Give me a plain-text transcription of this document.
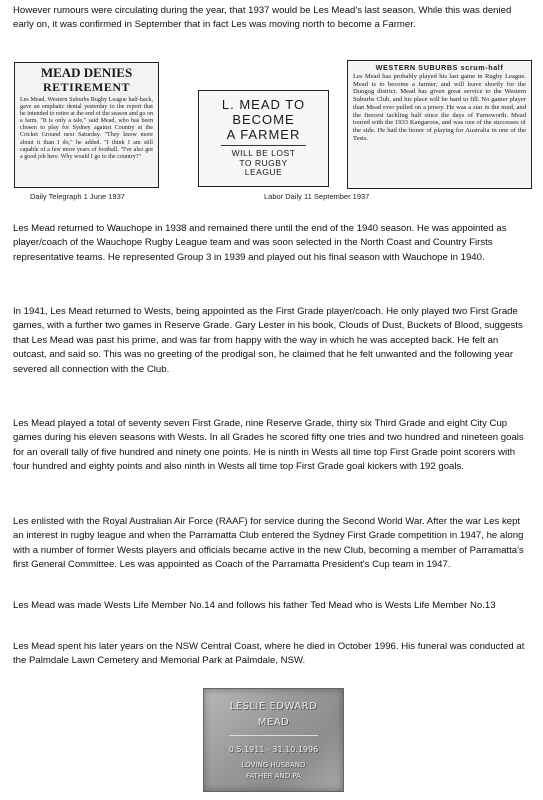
However rumours were circulating during the year, that 1937 would be Les Mead's last season. While this was denied early on, it was confirmed in September that in fact Les was moving north to become a Farmer.

MEAD DENIES
RETIREMENT
Les Mead, Western Suburbs Rugby League half-back, gave an emphatic denial yesterday to the report that he intended to retire at the end of the season and go on a farm. "It is only a tale," said Mead, who has been chosen to play for Sydney against Country at the Cricket Ground next Saturday. "They know more about it than I do," he added. "I think I am still capable of a few more years of football. "I've also got a good job here. Why would I go to the country?"
Daily Telegraph 1 June 1937
L. MEAD TO
BECOME
A FARMER
WILL BE LOST
TO RUGBY
LEAGUE
Labor Daily 11 September 1937
WESTERN SUBURBS scrum-half
Les Mead has probably played his last game in Rugby League. Mead is to become a farmer, and will leave shortly for the Dungog district. Mead has given great service to the Western Suburbs Club, and his place will be hard to fill. No gamer player than Mead ever pulled on a jersey. He was a star in the mud, and the fiercest tackling half since the days of Farnsworth. Mead toured with the 1933 Kangaroos, and was one of the successes of the side. He had the honor of playing for Australia in one of the Tests.

Les Mead returned to Wauchope in 1938 and remained there until the end of the 1940 season. He was appointed as player/coach of the Wauchope Rugby League team and was soon selected in the North Coast and Country Firsts representative teams. He represented Group 3 in 1939 and played out his final season with Wauchope in 1940.

In 1941, Les Mead returned to Wests, being appointed as the First Grade player/coach. He only played two First Grade games, with a further two games in Reserve Grade. Gary Lester in his book, Clouds of Dust, Buckets of Blood, suggests that Les Mead was past his prime, and was far from happy with the way in which he was accepted back. He felt an outcast, and said so. This was no greeting of the prodigal son, he claimed that he felt unwanted and the following year severed all connection with the Club.

Les Mead played a total of seventy seven First Grade, nine Reserve Grade, thirty six Third Grade and eight City Cup games during his eleven seasons with Wests. In all Grades he scored fifty one tries and two hundred and nineteen goals for an overall tally of five hundred and ninety one points. He is ninth in Wests all time top First Grade point scorers with four hundred and eighty points and also ninth in Wests all time top First Grade goal kickers with 192 goals.

Les enlisted with the Royal Australian Air Force (RAAF) for service during the Second World War. After the war Les kept an interest in rugby league and when the Parramatta Club entered the Sydney First Grade competition in 1947, he along with a number of former Wests players and officials became active in the new Club, becoming a member of Parramatta's first General Committee. Les was appointed as Coach of the Parramatta President's Cup team in 1947.

Les Mead was made Wests Life Member No.14 and follows his father Ted Mead who is Wests Life Member No.13

Les Mead spent his later years on the NSW Central Coast, where he died in October 1996. His funeral was conducted at the Palmdale Lawn Cemetery and Memorial Park at Palmdale, NSW.

LESLIE EDWARD
MEAD
0.5.1911 - 31.10.1996
LOVING HUSBAND
FATHER AND PA
